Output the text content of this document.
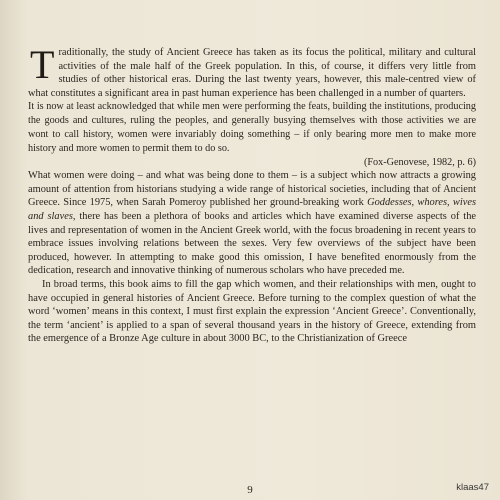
Traditionally, the study of Ancient Greece has taken as its focus the political, military and cultural activities of the male half of the Greek population. In this, of course, it differs very little from studies of other historical eras. During the last twenty years, however, this male-centred view of what constitutes a significant area in past human experience has been challenged in a number of quarters.

It is now at least acknowledged that while men were performing the feats, building the institutions, producing the goods and cultures, ruling the peoples, and generally busying themselves with those activities we are wont to call history, women were invariably doing something – if only bearing more men to make more history and more women to permit them to do so.

(Fox-Genovese, 1982, p. 6)

What women were doing – and what was being done to them – is a subject which now attracts a growing amount of attention from historians studying a wide range of historical societies, including that of Ancient Greece. Since 1975, when Sarah Pomeroy published her ground-breaking work Goddesses, whores, wives and slaves, there has been a plethora of books and articles which have examined diverse aspects of the lives and representation of women in the Ancient Greek world, with the focus broadening in recent years to embrace issues involving relations between the sexes. Very few overviews of the subject have been produced, however. In attempting to make good this omission, I have benefited enormously from the dedication, research and innovative thinking of numerous scholars who have preceded me.

In broad terms, this book aims to fill the gap which women, and their relationships with men, ought to have occupied in general histories of Ancient Greece. Before turning to the complex question of what the word ‘women’ means in this context, I must first explain the expression ‘Ancient Greece’. Conventionally, the term ‘ancient’ is applied to a span of several thousand years in the history of Greece, extending from the emergence of a Bronze Age culture in about 3000 BC, to the Christianization of Greece

9	klaas47
